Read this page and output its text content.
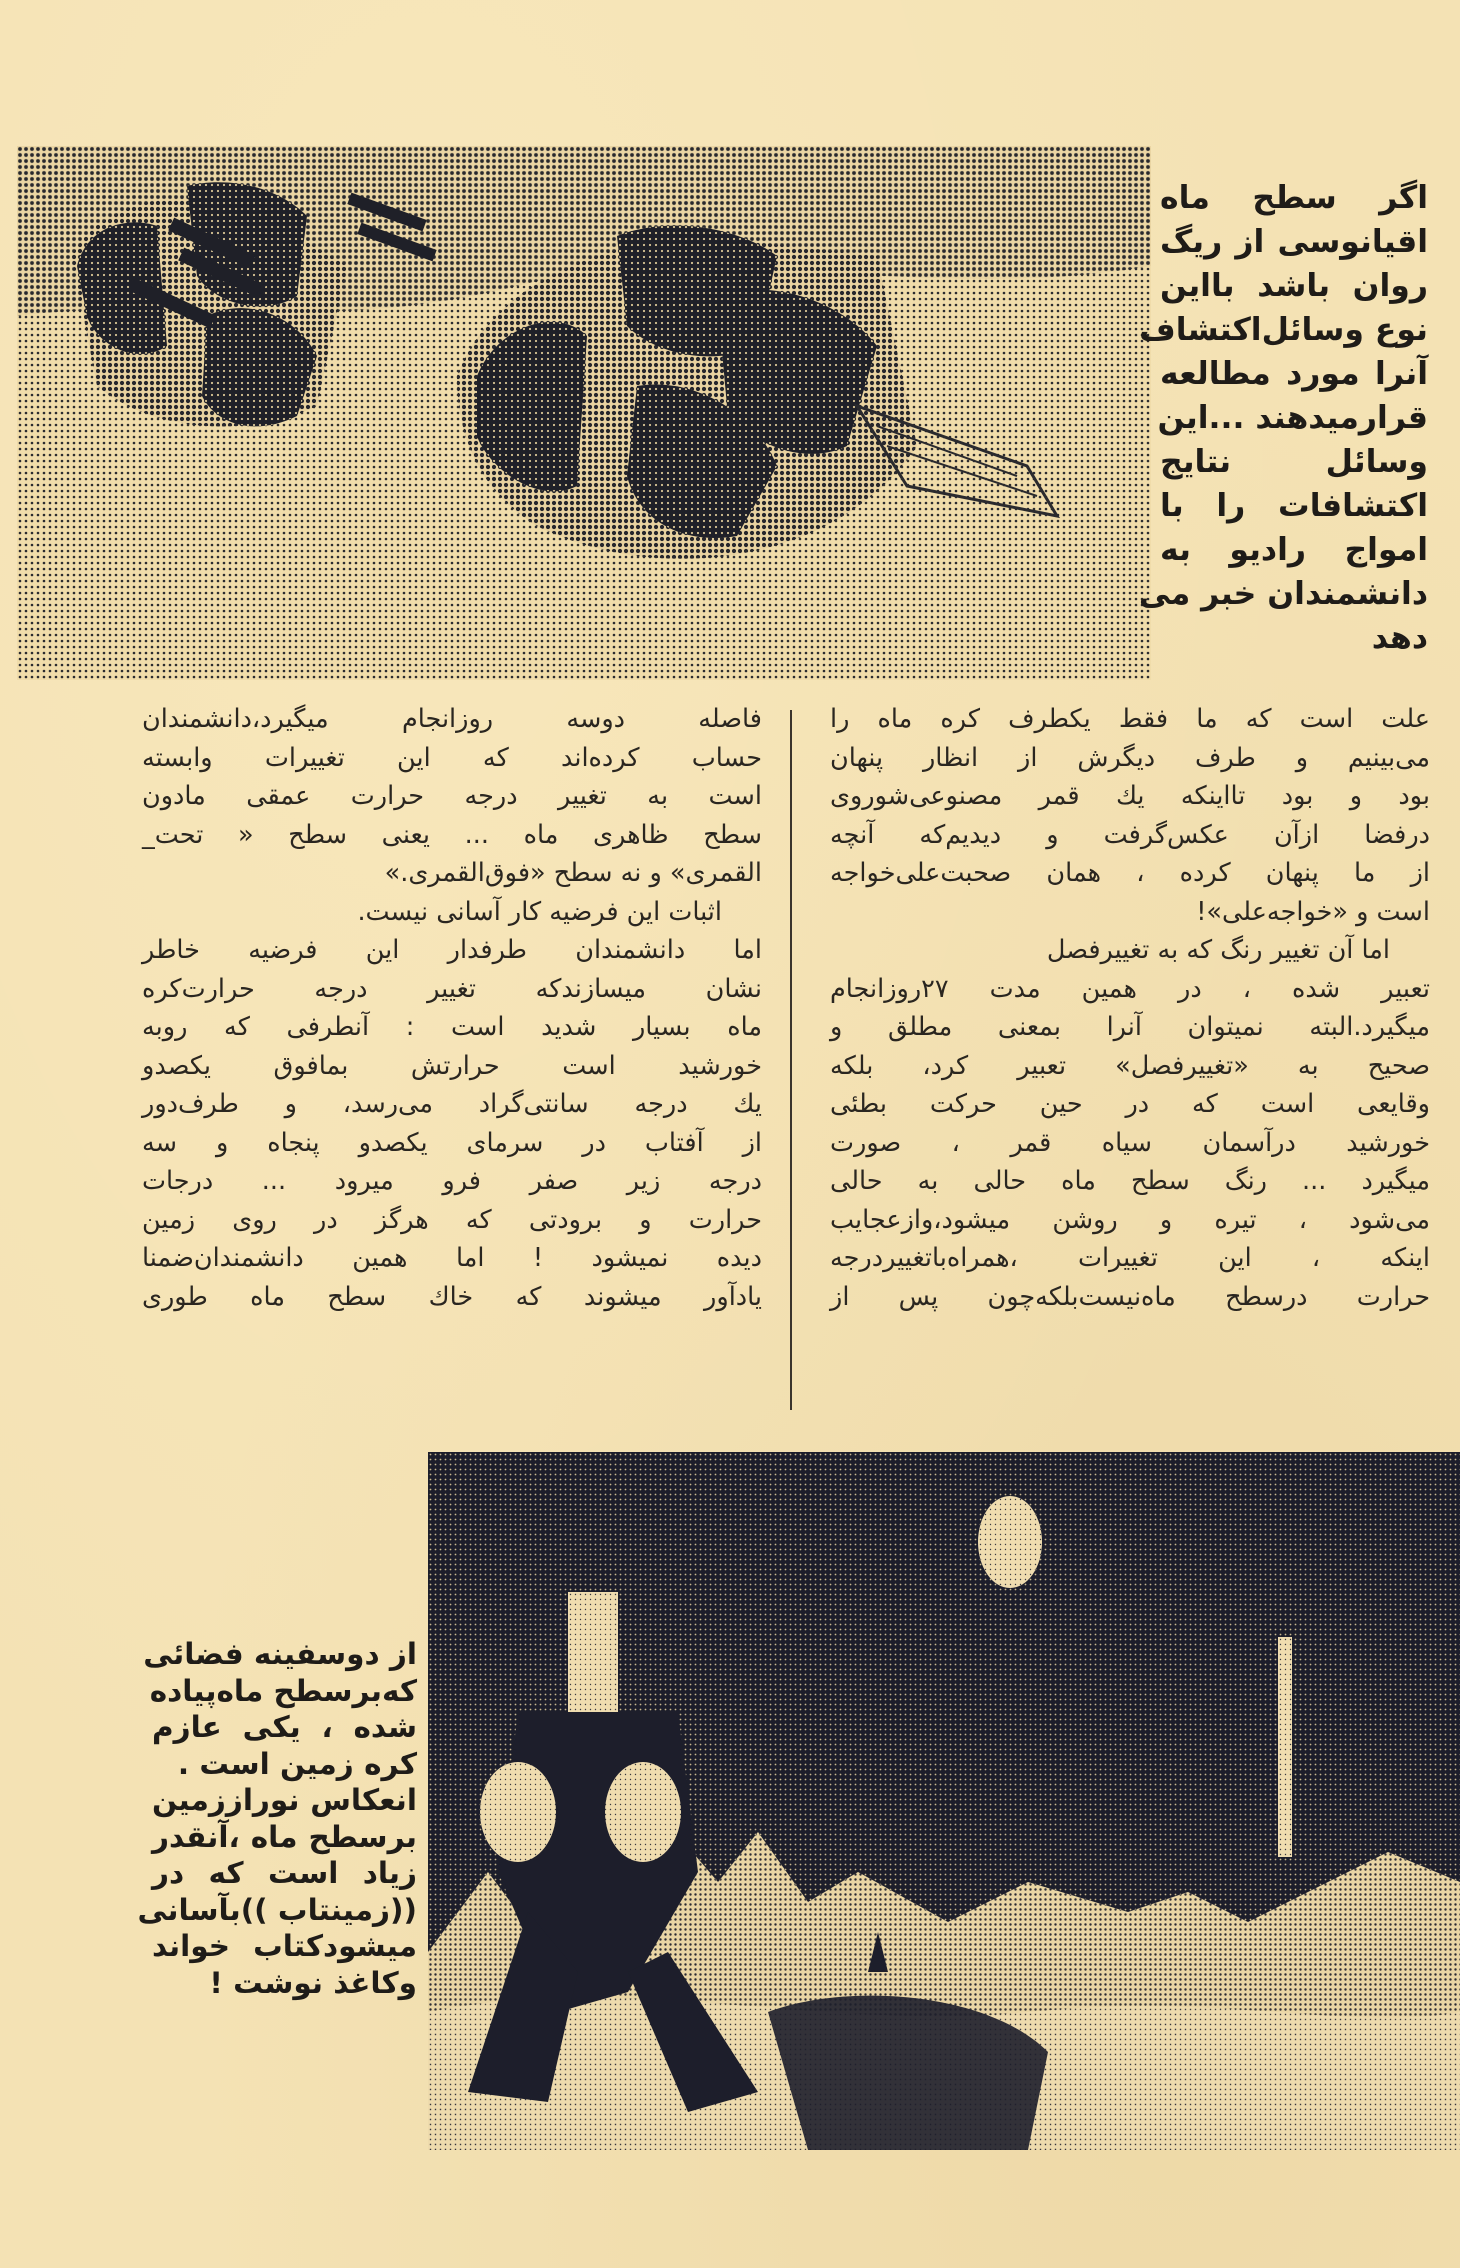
اگر سطح ماه
اقیانوسی از ریگ
روان باشد بااین
نوع وسائل‌اکتشاف
آنرا مورد مطالعه
قرارمیدهند ...این
وسائل نتایج
اکتشافات را با
امواج رادیو به
دانشمندان خبر می
دهد
علت است که ما فقط یکطرف کره ماه را
می‌بینیم و طرف دیگرش از انظار پنهان
بود و بود تااینکه یك قمر مصنوعی‌شوروی
درفضا ازآن عکس‌گرفت و دیدیم‌که آنچه
از ما پنهان کرده ، همان صحبت‌علی‌خواجه
است و «خواجه‌علی»!
اما آن تغییر رنگ که به تغییرفصل
تعبیر شده ، در همین مدت ۲۷روزانجام
میگیرد.البته نمیتوان آنرا بمعنی مطلق و
صحیح به «تغییرفصل» تعبیر کرد، بلکه
وقایعی است که در حین حرکت بطئی
خورشید درآسمان سیاه قمر ، صورت
میگیرد ... رنگ سطح ماه حالی به حالی
می‌شود ، تیره و روشن میشود،وازعجایب
اینکه ، این تغییرات ،همراه‌باتغییردرجه
حرارت درسطح ماه‌نیست‌بلکه‌چون پس از
فاصله دوسه روزانجام میگیرد،دانشمندان
حساب کرده‌اند که این تغییرات وابسته
است به تغییر درجه حرارت عمقی مادون
سطح ظاهری ماه ... یعنی سطح « تحت_
القمری» و نه سطح «فوق‌القمری.»
اثبات این فرضیه کار آسانی نیست.
اما دانشمندان طرفدار این فرضیه خاطر
نشان میسازندکه تغییر درجه حرارت‌کره
ماه بسیار شدید است : آنطرفی که روبه
خورشید است حرارتش بمافوق یکصدو
یك درجه سانتی‌گراد می‌رسد، و طرف‌دور
از آفتاب در سرمای یکصدو پنجاه و سه
درجه زیر صفر فرو میرود ... درجات
حرارت و برودتی که هرگز در روی زمین
دیده نمیشود ! اما همین دانشمندان‌ضمنا
یادآور میشوند که خاك سطح ماه طوری
از دوسفینه فضائی
که‌برسطح ماه‌پیاده
شده ، یکی عازم
کره زمین است .
انعکاس نوراززمین
برسطح ماه ،آنقدر
زیاد است که در
((زمینتاب ))بآسانی
میشودکتاب خواند
وکاغذ نوشت !
